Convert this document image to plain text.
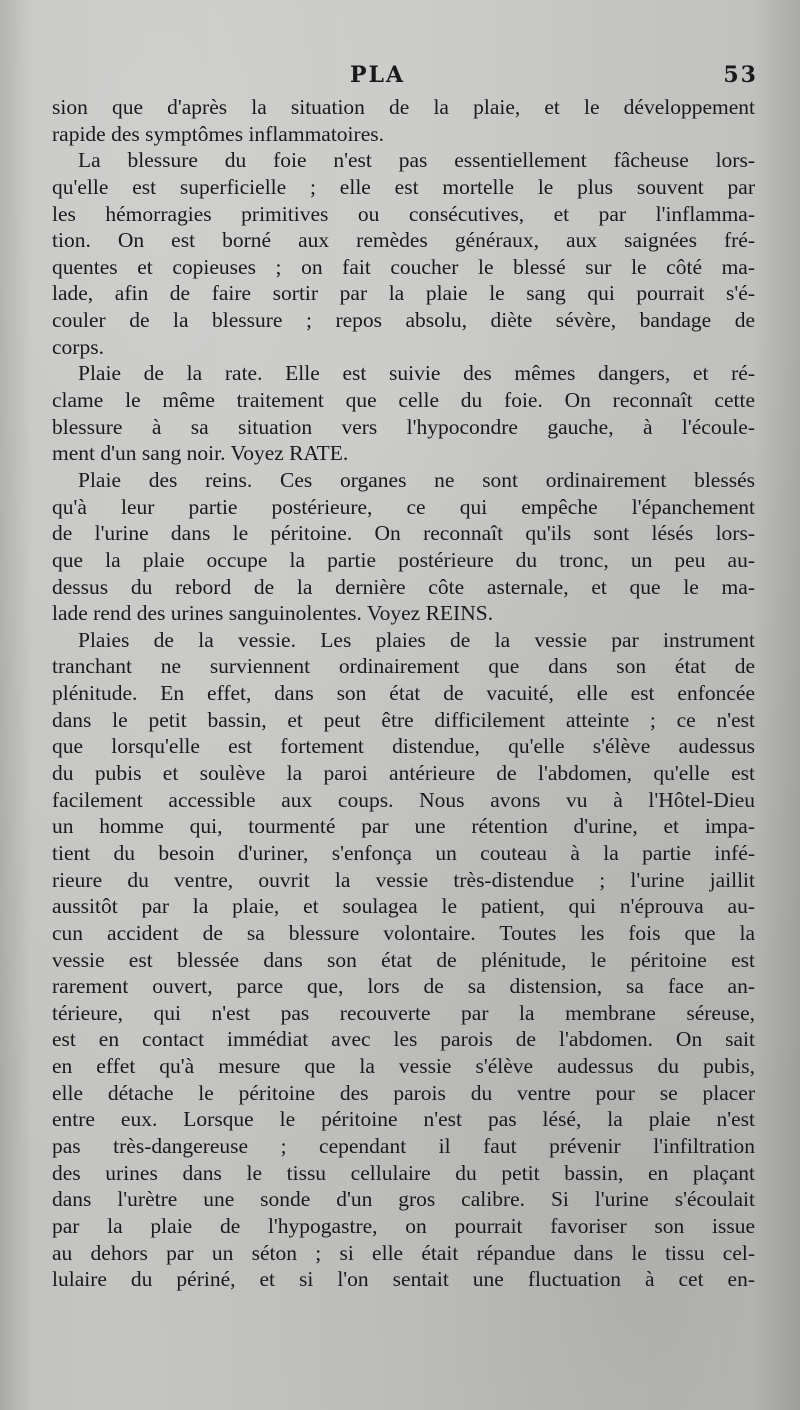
PLA	53
sion que d'après la situation de la plaie, et le développement
rapide des symptômes inflammatoires.
La blessure du foie n'est pas essentiellement fâcheuse lors-
qu'elle est superficielle ; elle est mortelle le plus souvent par
les hémorragies primitives ou consécutives, et par l'inflamma-
tion. On est borné aux remèdes généraux, aux saignées fré-
quentes et copieuses ; on fait coucher le blessé sur le côté ma-
lade, afin de faire sortir par la plaie le sang qui pourrait s'é-
couler de la blessure ; repos absolu, diète sévère, bandage de
corps.
Plaie de la rate. Elle est suivie des mêmes dangers, et ré-
clame le même traitement que celle du foie. On reconnaît cette
blessure à sa situation vers l'hypocondre gauche, à l'écoule-
ment d'un sang noir. Voyez RATE.
Plaie des reins. Ces organes ne sont ordinairement blessés
qu'à leur partie postérieure, ce qui empêche l'épanchement
de l'urine dans le péritoine. On reconnaît qu'ils sont lésés lors-
que la plaie occupe la partie postérieure du tronc, un peu au-
dessus du rebord de la dernière côte asternale, et que le ma-
lade rend des urines sanguinolentes. Voyez REINS.
Plaies de la vessie. Les plaies de la vessie par instrument
tranchant ne surviennent ordinairement que dans son état de
plénitude. En effet, dans son état de vacuité, elle est enfoncée
dans le petit bassin, et peut être difficilement atteinte ; ce n'est
que lorsqu'elle est fortement distendue, qu'elle s'élève audessus
du pubis et soulève la paroi antérieure de l'abdomen, qu'elle est
facilement accessible aux coups. Nous avons vu à l'Hôtel-Dieu
un homme qui, tourmenté par une rétention d'urine, et impa-
tient du besoin d'uriner, s'enfonça un couteau à la partie infé-
rieure du ventre, ouvrit la vessie très-distendue ; l'urine jaillit
aussitôt par la plaie, et soulagea le patient, qui n'éprouva au-
cun accident de sa blessure volontaire. Toutes les fois que la
vessie est blessée dans son état de plénitude, le péritoine est
rarement ouvert, parce que, lors de sa distension, sa face an-
térieure, qui n'est pas recouverte par la membrane séreuse,
est en contact immédiat avec les parois de l'abdomen. On sait
en effet qu'à mesure que la vessie s'élève audessus du pubis,
elle détache le péritoine des parois du ventre pour se placer
entre eux. Lorsque le péritoine n'est pas lésé, la plaie n'est
pas très-dangereuse ; cependant il faut prévenir l'infiltration
des urines dans le tissu cellulaire du petit bassin, en plaçant
dans l'urètre une sonde d'un gros calibre. Si l'urine s'écoulait
par la plaie de l'hypogastre, on pourrait favoriser son issue
au dehors par un séton ; si elle était répandue dans le tissu cel-
lulaire du périné, et si l'on sentait une fluctuation à cet en-
